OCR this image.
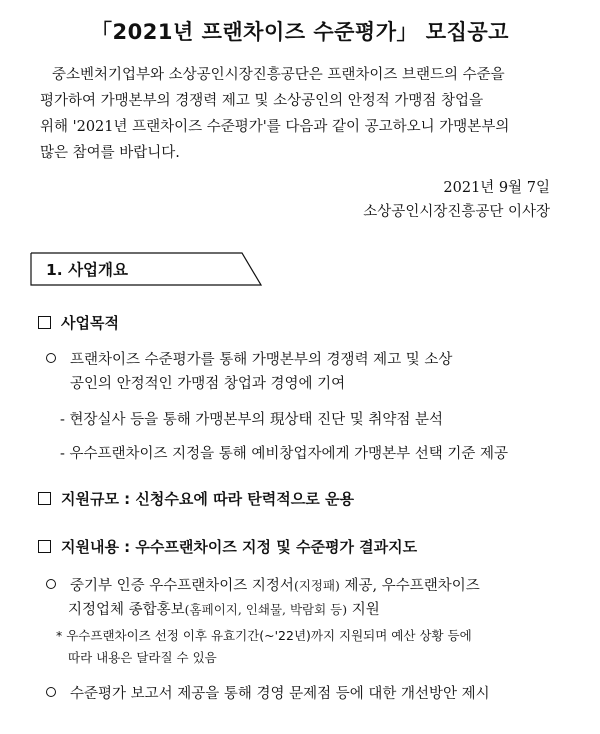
「2021년 프랜차이즈 수준평가」 모집공고
중소벤처기업부와 소상공인시장진흥공단은 프랜차이즈 브랜드의 수준을
평가하여 가맹본부의 경쟁력 제고 및 소상공인의 안정적 가맹점 창업을
위해 '2021년 프랜차이즈 수준평가'를 다음과 같이 공고하오니 가맹본부의
많은 참여를 바랍니다.
2021년 9월 7일
소상공인시장진흥공단 이사장
1. 사업개요
사업목적
프랜차이즈 수준평가를 통해 가맹본부의 경쟁력 제고 및 소상
공인의 안정적인 가맹점 창업과 경영에 기여
- 현장실사 등을 통해 가맹본부의 現상태 진단 및 취약점 분석
- 우수프랜차이즈 지정을 통해 예비창업자에게 가맹본부 선택 기준 제공
지원규모 : 신청수요에 따라 탄력적으로 운용
지원내용 : 우수프랜차이즈 지정 및 수준평가 결과지도
중기부 인증 우수프랜차이즈 지정서(지정패) 제공, 우수프랜차이즈
지정업체 종합홍보(홈페이지, 인쇄물, 박람회 등) 지원
* 우수프랜차이즈 선정 이후 유효기간(~'22년)까지 지원되며 예산 상황 등에
따라 내용은 달라질 수 있음
수준평가 보고서 제공을 통해 경영 문제점 등에 대한 개선방안 제시
